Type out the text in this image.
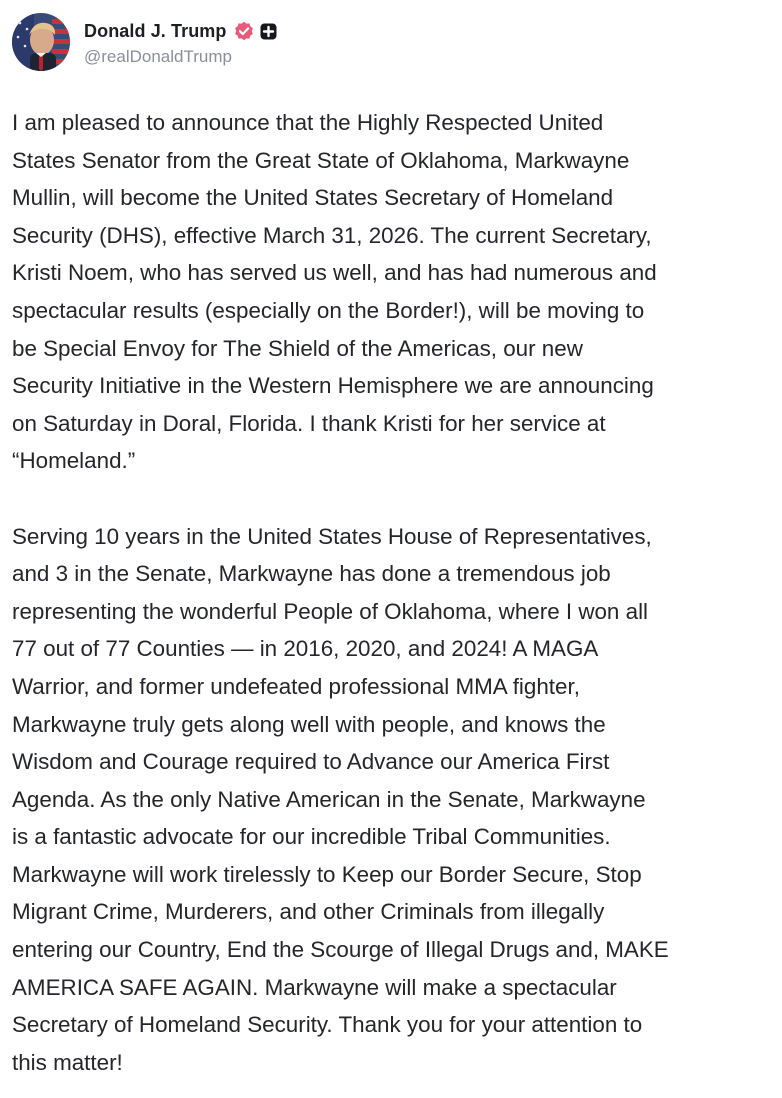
Donald J. Trump
@realDonaldTrump

I am pleased to announce that the Highly Respected United
States Senator from the Great State of Oklahoma, Markwayne
Mullin, will become the United States Secretary of Homeland
Security (DHS), effective March 31, 2026. The current Secretary,
Kristi Noem, who has served us well, and has had numerous and
spectacular results (especially on the Border!), will be moving to
be Special Envoy for The Shield of the Americas, our new
Security Initiative in the Western Hemisphere we are announcing
on Saturday in Doral, Florida. I thank Kristi for her service at
“Homeland.”

Serving 10 years in the United States House of Representatives,
and 3 in the Senate, Markwayne has done a tremendous job
representing the wonderful People of Oklahoma, where I won all
77 out of 77 Counties — in 2016, 2020, and 2024! A MAGA
Warrior, and former undefeated professional MMA fighter,
Markwayne truly gets along well with people, and knows the
Wisdom and Courage required to Advance our America First
Agenda. As the only Native American in the Senate, Markwayne
is a fantastic advocate for our incredible Tribal Communities.
Markwayne will work tirelessly to Keep our Border Secure, Stop
Migrant Crime, Murderers, and other Criminals from illegally
entering our Country, End the Scourge of Illegal Drugs and, MAKE
AMERICA SAFE AGAIN. Markwayne will make a spectacular
Secretary of Homeland Security. Thank you for your attention to
this matter!
